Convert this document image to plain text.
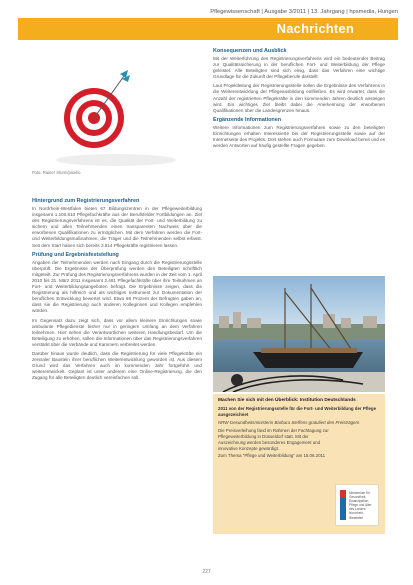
Pflegewissenschaft | Ausgabe 3/2011 | 13. Jahrgang | hpsmedia, Hungen
Nachrichten
Foto: Rainer Sturm/pixelio
Hintergrund zum Registrierungsverfahren

In Nordrhein-Westfalen bieten 67 Bildungszentren in der Pflegeweiterbildung insgesamt 1.100.810 Pflegefachkräfte aus der Berufsfelder Fortbildungen an. Ziel des Registrierungsverfahrens ist es, die Qualität der Fort- und Weiterbildung zu sichern und allen Teilnehmenden einen transparenten Nachweis über die erworbenen Qualifikationen zu ermöglichen. Mit dem Verfahren werden die Fort- und Weiterbildungsmaßnahmen, die Träger und die Teilnehmenden selbst erfasst. Seit dem Start haben sich bereits 3.614 Pflegekräfte registrieren lassen.

Prüfung und Ergebnisfeststellung

Angaben der Teilnehmenden werden nach Eingang durch die Registrierungsstelle überprüft. Die Ergebnisse der Überprüfung werden den Beteiligten schriftlich mitgeteilt. Zur Prüfung des Registrierungsverfahrens wurden in der Zeit vom 1. April 2010 bis 31. März 2011 insgesamt 2.481 Pflegefachkräfte über ihre Teilnahmen an Fort- und Weiterbildungsangeboten befragt. Die Ergebnisse zeigen, dass die Registrierung als hilfreich und als wichtiges Instrument zur Dokumentation der beruflichen Entwicklung bewertet wird. Etwa 68 Prozent der Befragten gaben an, dass sie die Registrierung auch anderen Kolleginnen und Kollegen empfehlen würden.

Im Gegensatz dazu zeigt sich, dass vor allem kleinere Einrichtungen sowie ambulante Pflegedienste bisher nur in geringem Umfang an dem Verfahren teilnehmen. Hier sehen die Verantwortlichen weiteren Handlungsbedarf. Um die Beteiligung zu erhöhen, sollen die Informationen über das Registrierungsverfahren verstärkt über die Verbände und Kammern verbreitet werden.

Darüber hinaus wurde deutlich, dass die Registrierung für viele Pflegekräfte ein zentraler Baustein ihrer beruflichen Weiterentwicklung geworden ist. Aus diesem Grund wird das Verfahren auch im kommenden Jahr fortgeführt und weiterentwickelt. Geplant ist unter anderem eine Online-Registrierung, die den Zugang für alle Beteiligten deutlich vereinfachen soll.

Konsequenzen und Ausblick

Mit der Weiterführung des Registrierungsverfahrens wird ein bedeutender Beitrag zur Qualitätssicherung in der beruflichen Fort- und Weiterbildung der Pflege geleistet. Alle Beteiligten sind sich einig, dass das Verfahren eine wichtige Grundlage für die Zukunft der Pflegeberufe darstellt.

Laut Projektleitung der Registrierungsstelle sollen die Ergebnisse des Verfahrens in die Weiterentwicklung der Pflegeausbildung einfließen. Es wird erwartet, dass die Anzahl der registrierten Pflegekräfte in den kommenden Jahren deutlich ansteigen wird. Ein wichtiges Ziel bleibt dabei die Anerkennung der erworbenen Qualifikationen über die Landesgrenzen hinaus.

Ergänzende Informationen

Weitere Informationen zum Registrierungsverfahren sowie zu den beteiligten Einrichtungen erhalten Interessierte bei der Registrierungsstelle sowie auf der Internetseite des Projekts. Dort stehen auch Formulare zum Download bereit und es werden Antworten auf häufig gestellte Fragen gegeben.

Machen Sie sich mit den Überblick: Institution Deutschlands
2011 von der Registrierungsstelle für die Fort- und Weiterbildung der Pflege ausgezeichnet
NRW-Gesundheitsministerin Barbara Steffens gratuliert den Preisträgern
Die Preisverleihung fand im Rahmen der Fachtagung zur Pflegeweiterbildung in Düsseldorf statt. Mit der Auszeichnung werden besonderes Engagement und innovative Konzepte gewürdigt.
Zum Thema "Pflege und Weiterbildung" am 15.06.2011
Ministerium für Gesundheit, Emanzipation, Pflege und Alter des Landes Nordrhein-Westfalen
227
